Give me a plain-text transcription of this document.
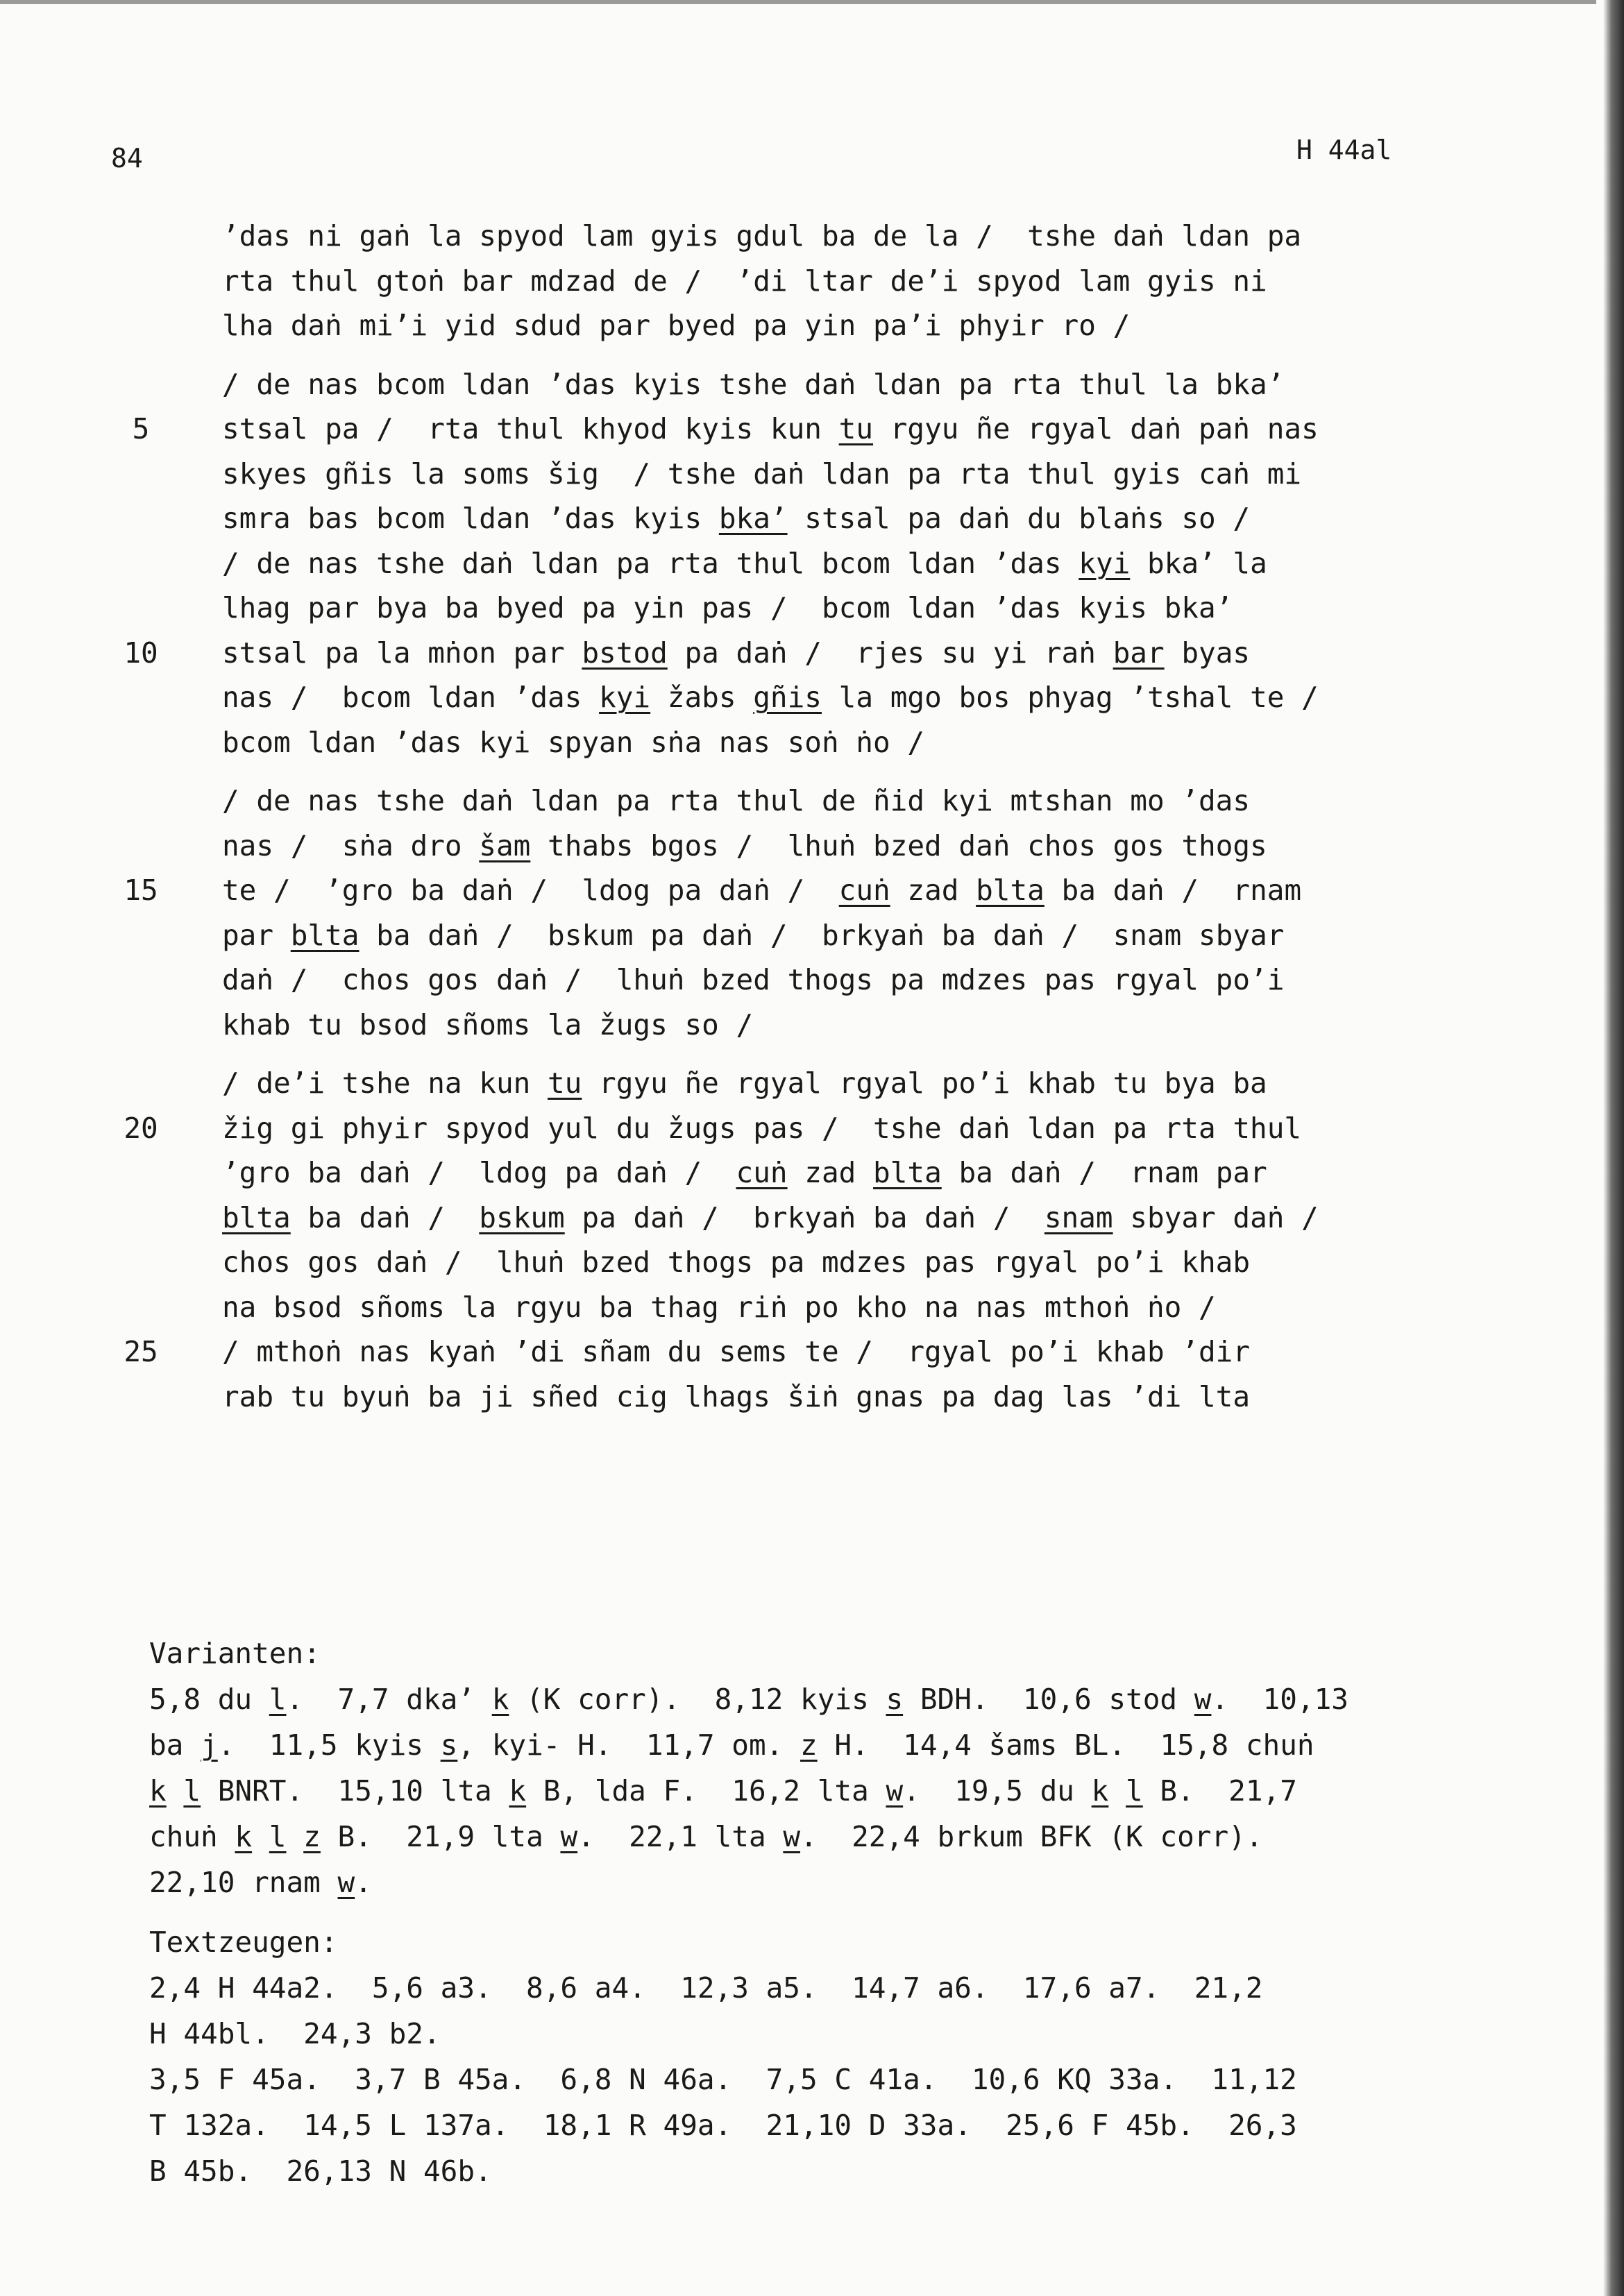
84	H 44al
’das ni gaṅ la spyod lam gyis gdul ba de la /  tshe daṅ ldan pa
rta thul gtoṅ bar mdzad de /  ’di ltar de’i spyod lam gyis ni
lha daṅ mi’i yid sdud par byed pa yin pa’i phyir ro /
/ de nas bcom ldan ’das kyis tshe daṅ ldan pa rta thul la bka’
5	stsal pa /  rta thul khyod kyis kun tu rgyu ñe rgyal daṅ paṅ nas
skyes gñis la soms šig  / tshe daṅ ldan pa rta thul gyis caṅ mi
smra bas bcom ldan ’das kyis bka’ stsal pa daṅ du blaṅs so /
/ de nas tshe daṅ ldan pa rta thul bcom ldan ’das kyi bka’ la
lhag par bya ba byed pa yin pas /  bcom ldan ’das kyis bka’
10 stsal pa la mṅon par bstod pa daṅ /  rjes su yi raṅ bar byas
nas /  bcom ldan ’das kyi žabs gñis la mgo bos phyag ’tshal te /
bcom ldan ’das kyi spyan sṅa nas soṅ ṅo /
/ de nas tshe daṅ ldan pa rta thul de ñid kyi mtshan mo ’das
nas /  sṅa dro šam thabs bgos /  lhuṅ bzed daṅ chos gos thogs
15 te /  ’gro ba daṅ /  ldog pa daṅ /  cuṅ zad blta ba daṅ /  rnam
par blta ba daṅ /  bskum pa daṅ /  brkyaṅ ba daṅ /  snam sbyar
daṅ /  chos gos daṅ /  lhuṅ bzed thogs pa mdzes pas rgyal po’i
khab tu bsod sñoms la žugs so /
/ de’i tshe na kun tu rgyu ñe rgyal rgyal po’i khab tu bya ba
20 žig gi phyir spyod yul du žugs pas /  tshe daṅ ldan pa rta thul
’gro ba daṅ /  ldog pa daṅ /  cuṅ zad blta ba daṅ /  rnam par
blta ba daṅ /  bskum pa daṅ /  brkyaṅ ba daṅ /  snam sbyar daṅ /
chos gos daṅ /  lhuṅ bzed thogs pa mdzes pas rgyal po’i khab
na bsod sñoms la rgyu ba thag riṅ po kho na nas mthoṅ ṅo /
25 / mthoṅ nas kyaṅ ’di sñam du sems te /  rgyal po’i khab ’dir
rab tu byuṅ ba ji sñed cig lhags šiṅ gnas pa dag las ’di lta
Varianten:
5,8 du l.  7,7 dka’ k (K corr).  8,12 kyis s BDH.  10,6 stod w.  10,13
ba j.  11,5 kyis s, kyi- H.  11,7 om. z H.  14,4 šams BL.  15,8 chuṅ
k l BNRT.  15,10 lta k B, lda F.  16,2 lta w.  19,5 du k l B.  21,7
chuṅ k l z B.  21,9 lta w.  22,1 lta w.  22,4 brkum BFK (K corr).
22,10 rnam w.
Textzeugen:
2,4 H 44a2.  5,6 a3.  8,6 a4.  12,3 a5.  14,7 a6.  17,6 a7.  21,2
H 44bl.  24,3 b2.
3,5 F 45a.  3,7 B 45a.  6,8 N 46a.  7,5 C 41a.  10,6 KQ 33a.  11,12
T 132a.  14,5 L 137a.  18,1 R 49a.  21,10 D 33a.  25,6 F 45b.  26,3
B 45b.  26,13 N 46b.
